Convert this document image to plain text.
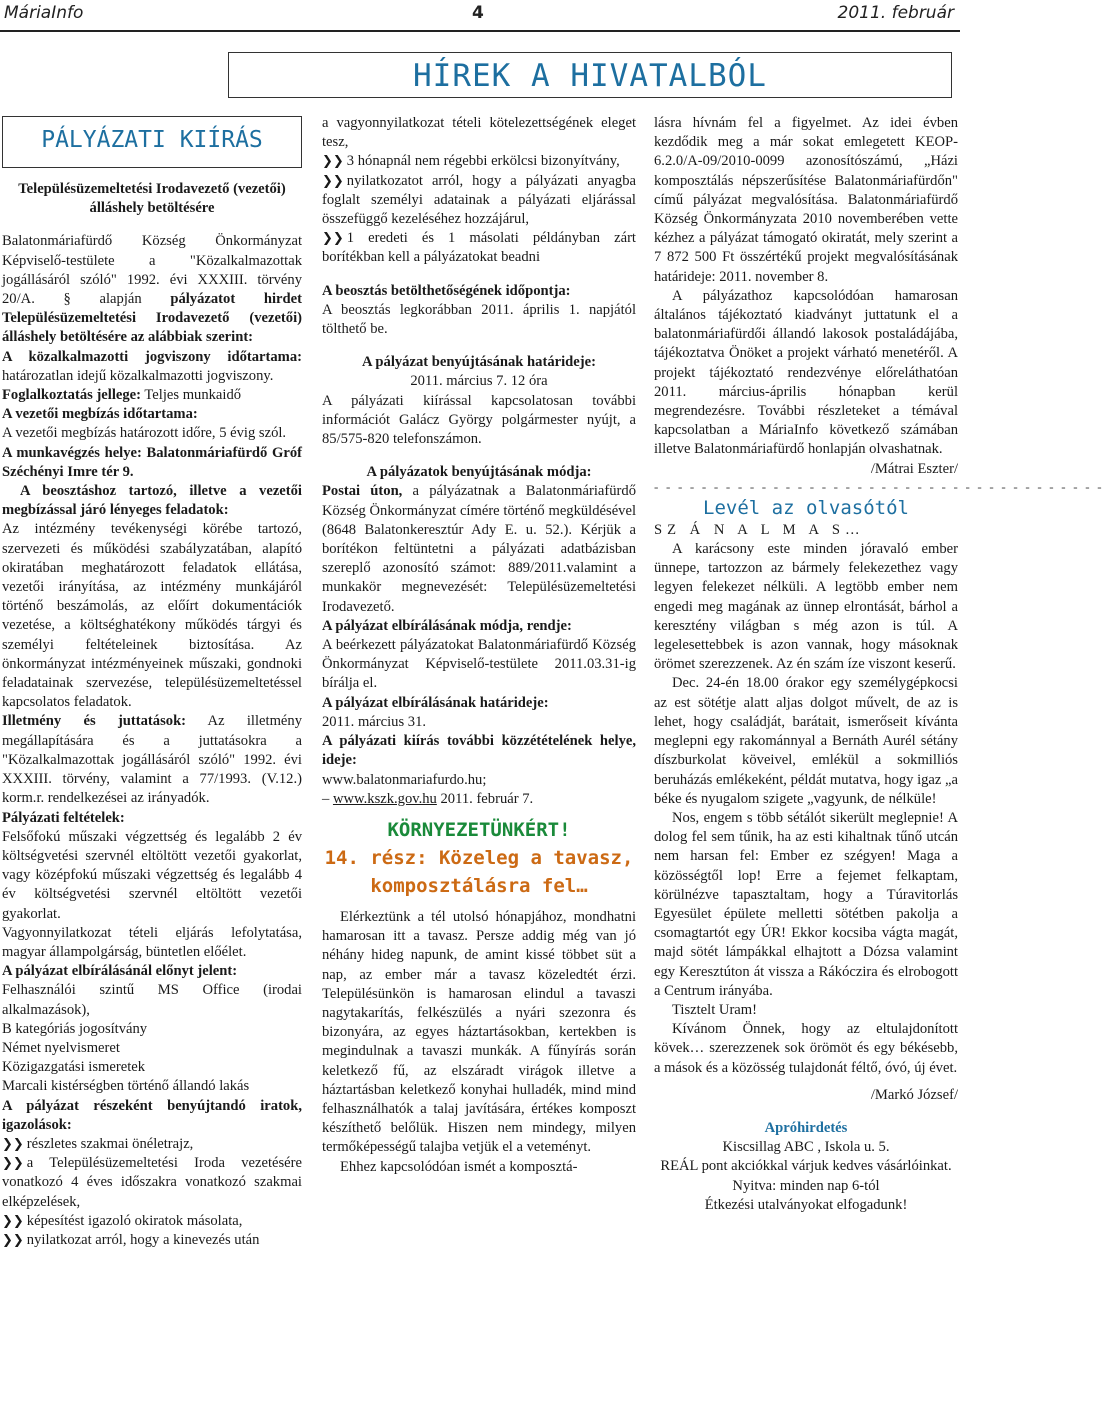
MáriaInfo	4	2011. február
HÍREK A HIVATALBÓL
PÁLYÁZATI KIÍRÁS

Településüzemeltetési Irodavezető (vezetői) álláshely betöltésére

Balatonmáriafürdő Község Önkormányzat Képviselő-testülete a "Közalkalmazottak jogállásáról szóló" 1992. évi XXXIII. törvény 20/A. § alapján pályázatot hirdet Településüzemeltetési Irodavezető (vezetői) álláshely betöltésére az alábbiak szerint:

A közalkalmazotti jogviszony időtartama: határozatlan idejű közalkalmazotti jogviszony.

Foglalkoztatás jellege: Teljes munkaidő

A vezetői megbízás időtartama:

A vezetői megbízás határozott időre, 5 évig szól.

A munkavégzés helye: Balatonmáriafürdő Gróf Széchényi Imre tér 9.

A beosztáshoz tartozó, illetve a vezetői megbízással járó lényeges feladatok:

Az intézmény tevékenységi körébe tartozó, szervezeti és működési szabályzatában, alapító okiratában meghatározott feladatok ellátása, vezetői irányítása, az intézmény munkájáról történő beszámolás, az előírt dokumentációk vezetése, a költséghatékony működés tárgyi és személyi feltételeinek biztosítása. Az önkormányzat intézményeinek műszaki, gondnoki feladatainak szervezése, településüzemeltetéssel kapcsolatos feladatok.

Illetmény és juttatások: Az illetmény megállapítására és a juttatásokra a "Közalkalmazottak jogállásáról szóló" 1992. évi XXXIII. törvény, valamint a 77/1993. (V.12.) korm.r. rendelkezései az irányadók.

Pályázati feltételek:

Felsőfokú műszaki végzettség és legalább 2 év költségvetési szervnél eltöltött vezetői gyakorlat, vagy középfokú műszaki végzettség és legalább 4 év költségvetési szervnél eltöltött vezetői gyakorlat.

Vagyonnyilatkozat tételi eljárás lefolytatása, magyar állampolgárság, büntetlen előélet.

A pályázat elbírálásánál előnyt jelent:

Felhasználói szintű MS Office (irodai alkalmazások),

B kategóriás jogosítvány

Német nyelvismeret

Közigazgatási ismeretek

Marcali kistérségben történő állandó lakás

A pályázat részeként benyújtandó iratok, igazolások:

❯❯ részletes szakmai önéletrajz,

❯❯ a Településüzemeltetési Iroda vezetésére vonatkozó 4 éves időszakra vonatkozó szakmai elképzelések,

❯❯ képesítést igazoló okiratok másolata,

❯❯ nyilatkozat arról, hogy a kinevezés után

a vagyonnyilatkozat tételi kötelezettségének eleget tesz,

❯❯ 3 hónapnál nem régebbi erkölcsi bizonyítvány,

❯❯ nyilatkozatot arról, hogy a pályázati anyagba foglalt személyi adatainak a pályázati eljárással összefüggő kezeléséhez hozzájárul,

❯❯ 1 eredeti és 1 másolati példányban zárt borítékban kell a pályázatokat beadni

A beosztás betölthetőségének időpontja:

A beosztás legkorábban 2011. április 1. napjától tölthető be.

A pályázat benyújtásának határideje:

2011. március 7. 12 óra

A pályázati kiírással kapcsolatosan további információt Galácz György polgármester nyújt, a 85/575-820 telefonszámon.

A pályázatok benyújtásának módja:

Postai úton, a pályázatnak a Balatonmáriafürdő Község Önkormányzat címére történő megküldésével (8648 Balatonkeresztúr Ady E. u. 52.). Kérjük a borítékon feltüntetni a pályázati adatbázisban szereplő azonosító számot: 889/2011.valamint a munkakör megnevezését: Településüzemeltetési Irodavezető.

A pályázat elbírálásának módja, rendje:

A beérkezett pályázatokat Balatonmáriafürdő Község Önkormányzat Képviselő-testülete 2011.03.31-ig bírálja el.

A pályázat elbírálásának határideje:

2011. március 31.

A pályázati kiírás további közzétételének helye, ideje:

www.balatonmariafurdo.hu;

– www.kszk.gov.hu 2011. február 7.

KÖRNYEZETÜNKÉRT!

14. rész: Közeleg a tavasz,

komposztálásra fel…

Elérkeztünk a tél utolsó hónapjához, mondhatni hamarosan itt a tavasz. Persze addig még van jó néhány hideg napunk, de amint kissé többet süt a nap, az ember már a tavasz közeledtét érzi. Településünkön is hamarosan elindul a tavaszi nagytakarítás, felkészülés a nyári szezonra és bizonyára, az egyes háztartásokban, kertekben is megindulnak a tavaszi munkák. A fűnyírás során keletkező fű, az elszáradt virágok illetve a háztartásban keletkező konyhai hulladék, mind mind felhasználhatók a talaj javítására, értékes komposzt készíthető belőlük. Hiszen nem mindegy, milyen termőképességű talajba vetjük el a veteményt.

Ehhez kapcsolódóan ismét a komposztá-

lásra hívnám fel a figyelmet. Az idei évben kezdődik meg a már sokat emlegetett KEOP-6.2.0/A-09/2010-0099 azonosítószámú, „Házi komposztálás népszerűsítése Balatonmáriafürdőn" című pályázat megvalósítása. Balatonmáriafürdő Község Önkormányzata 2010 novemberében vette kézhez a pályázat támogató okiratát, mely szerint a 7 872 500 Ft összértékű projekt megvalósításának határideje: 2011. november 8.

A pályázathoz kapcsolódóan hamarosan általános tájékoztató kiadványt juttatunk el a balatonmáriafürdői állandó lakosok postaládájába, tájékoztatva Önöket a projekt várható menetéről. A projekt tájékoztató rendezvénye előreláthatóan 2011. március-április hónapban kerül megrendezésre. További részleteket a témával kapcsolatban a MáriaInfo következő számában illetve Balatonmáriafürdő honlapján olvashatnak.

/Mátrai Eszter/

- - - - - - - - - - - - - - - - - - - - - - - - - - - - - - - - - - - - - -

Levél az olvasótól

SZ Á N A L M A S…

A karácsony este minden jóravaló ember ünnepe, tartozzon az bármely felekezethez vagy legyen felekezet nélküli. A legtöbb ember nem engedi meg magának az ünnep elrontását, bárhol a keresztény világban s még azon is túl. A legelesettebbek is azon vannak, hogy másoknak örömet szerezzenek. Az én szám íze viszont keserű.

Dec. 24-én 18.00 órakor egy személygépkocsi az est sötétje alatt aljas dolgot művelt, de az is lehet, hogy családját, barátait, ismerőseit kívánta meglepni egy rakománnyal a Bernáth Aurél sétány díszburkolat köveivel, emlékül a sokmilliós beruházás emlékeként, példát mutatva, hogy igaz „a béke és nyugalom szigete „vagyunk, de nélküle!

Nos, engem s több sétálót sikerült meglepnie! A dolog fel sem tűnik, ha az esti kihaltnak tűnő utcán nem harsan fel: Ember ez szégyen! Maga a közösségtől lop! Erre a fejemet felkaptam, körülnézve tapasztaltam, hogy a Túravitorlás Egyesület épülete melletti sötétben pakolja a csomagtartót egy ÚR! Ekkor kocsiba vágta magát, majd sötét lámpákkal elhajtott a Dózsa valamint egy Keresztúton át vissza a Rákóczira és elrobogott a Centrum irányába.

Tisztelt Uram!

Kívánom Önnek, hogy az eltulajdonított kövek… szerezzenek sok örömöt és egy békésebb, a mások és a közösség tulajdonát féltő, óvó, új évet.

/Markó József/

Apróhirdetés

Kiscsillag ABC , Iskola u. 5.

REÁL pont akciókkal várjuk kedves vásárlóinkat.

Nyitva: minden nap 6-tól

Étkezési utalványokat elfogadunk!
